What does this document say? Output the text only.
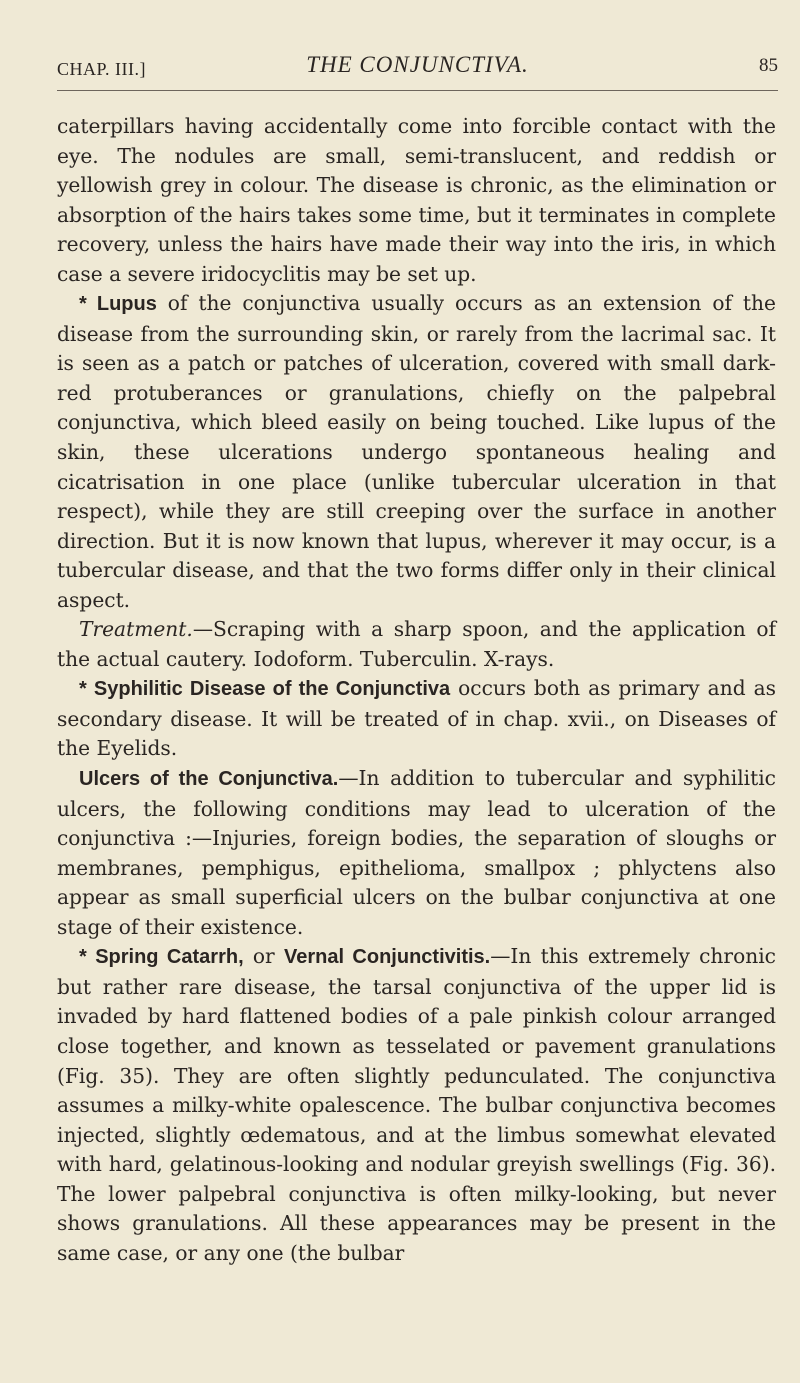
CHAP. III.]	THE CONJUNCTIVA.	85

caterpillars having accidentally come into forcible contact with the eye. The nodules are small, semi-translucent, and reddish or yellowish grey in colour. The disease is chronic, as the elimination or absorption of the hairs takes some time, but it terminates in complete recovery, unless the hairs have made their way into the iris, in which case a severe iridocyclitis may be set up.

* Lupus of the conjunctiva usually occurs as an extension of the disease from the surrounding skin, or rarely from the lacrimal sac. It is seen as a patch or patches of ulceration, covered with small dark-red protuberances or granulations, chiefly on the palpebral conjunctiva, which bleed easily on being touched. Like lupus of the skin, these ulcerations undergo spontaneous healing and cicatrisation in one place (unlike tubercular ulceration in that respect), while they are still creeping over the surface in another direction. But it is now known that lupus, wherever it may occur, is a tubercular disease, and that the two forms differ only in their clinical aspect.

Treatment.—Scraping with a sharp spoon, and the application of the actual cautery. Iodoform. Tuberculin. X-rays.

* Syphilitic Disease of the Conjunctiva occurs both as primary and as secondary disease. It will be treated of in chap. xvii., on Diseases of the Eyelids.

Ulcers of the Conjunctiva.—In addition to tubercular and syphilitic ulcers, the following conditions may lead to ulceration of the conjunctiva :—Injuries, foreign bodies, the separation of sloughs or membranes, pemphigus, epithelioma, smallpox ; phlyctens also appear as small superficial ulcers on the bulbar conjunctiva at one stage of their existence.

* Spring Catarrh, or Vernal Conjunctivitis.—In this extremely chronic but rather rare disease, the tarsal conjunctiva of the upper lid is invaded by hard flattened bodies of a pale pinkish colour arranged close together, and known as tesselated or pavement granulations (Fig. 35). They are often slightly pedunculated. The conjunctiva assumes a milky-white opalescence. The bulbar conjunctiva becomes injected, slightly œdematous, and at the limbus somewhat elevated with hard, gelatinous-looking and nodular greyish swellings (Fig. 36). The lower palpebral conjunctiva is often milky-looking, but never shows granulations. All these appearances may be present in the same case, or any one (the bulbar
